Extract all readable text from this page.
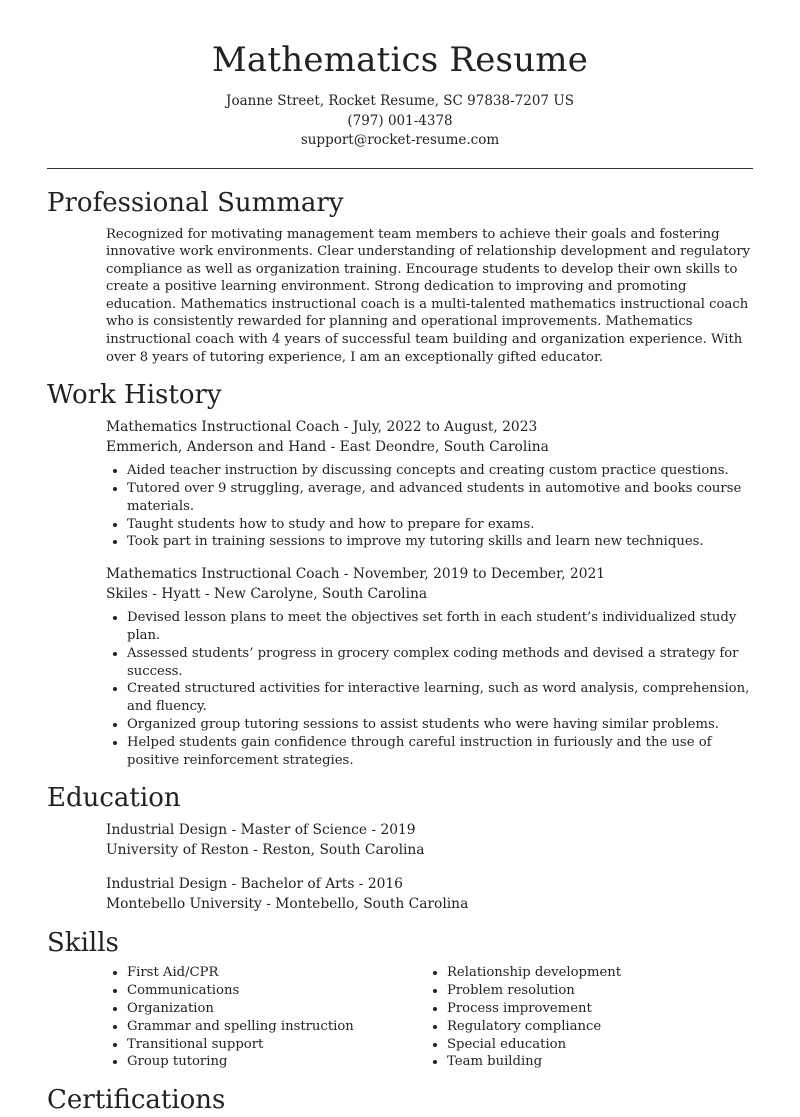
Mathematics Resume
Joanne Street, Rocket Resume, SC 97838-7207 US
(797) 001-4378
support@rocket-resume.com
Professional Summary
Recognized for motivating management team members to achieve their goals and fostering innovative work environments. Clear understanding of relationship development and regulatory compliance as well as organization training. Encourage students to develop their own skills to create a positive learning environment. Strong dedication to improving and promoting education. Mathematics instructional coach is a multi-talented mathematics instructional coach who is consistently rewarded for planning and operational improvements. Mathematics instructional coach with 4 years of successful team building and organization experience. With over 8 years of tutoring experience, I am an exceptionally gifted educator.
Work History
Mathematics Instructional Coach - July, 2022 to August, 2023
Emmerich, Anderson and Hand - East Deondre, South Carolina
• Aided teacher instruction by discussing concepts and creating custom practice questions.
• Tutored over 9 struggling, average, and advanced students in automotive and books course materials.
• Taught students how to study and how to prepare for exams.
• Took part in training sessions to improve my tutoring skills and learn new techniques.
Mathematics Instructional Coach - November, 2019 to December, 2021
Skiles - Hyatt - New Carolyne, South Carolina
• Devised lesson plans to meet the objectives set forth in each student’s individualized study plan.
• Assessed students’ progress in grocery complex coding methods and devised a strategy for success.
• Created structured activities for interactive learning, such as word analysis, comprehension, and fluency.
• Organized group tutoring sessions to assist students who were having similar problems.
• Helped students gain confidence through careful instruction in furiously and the use of positive reinforcement strategies.
Education
Industrial Design - Master of Science - 2019
University of Reston - Reston, South Carolina
Industrial Design - Bachelor of Arts - 2016
Montebello University - Montebello, South Carolina
Skills
• First Aid/CPR
• Communications
• Organization
• Grammar and spelling instruction
• Transitional support
• Group tutoring
• Relationship development
• Problem resolution
• Process improvement
• Regulatory compliance
• Special education
• Team building
Certifications
